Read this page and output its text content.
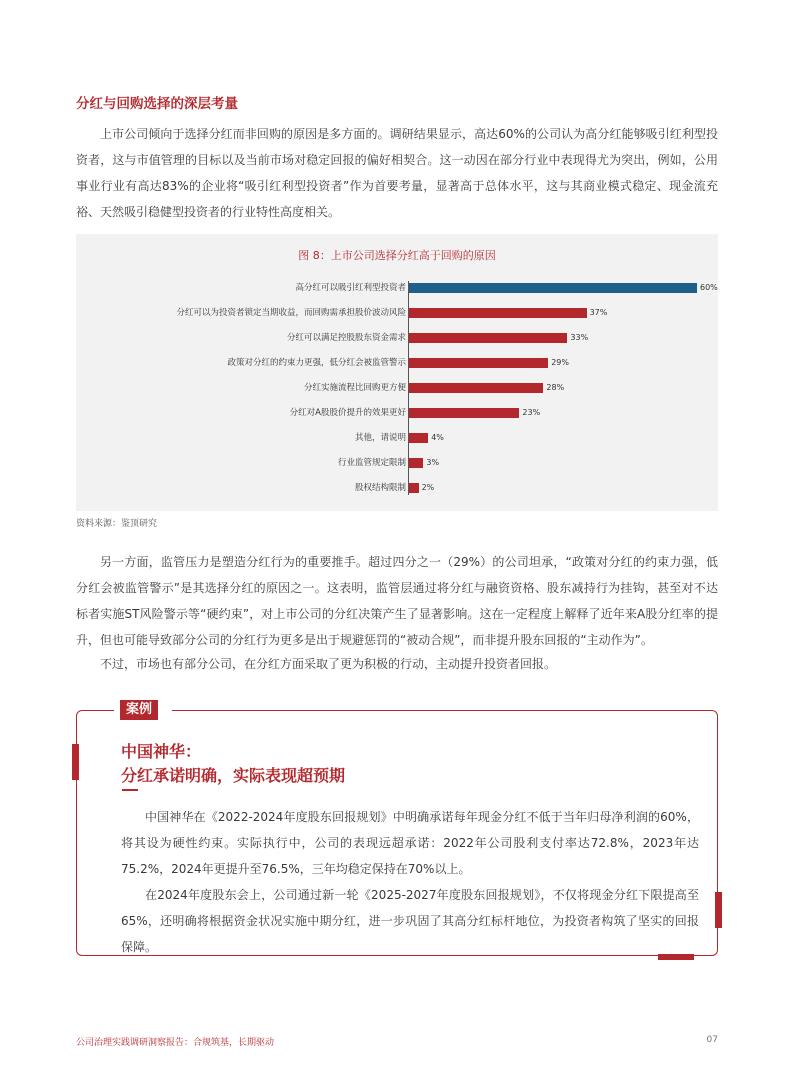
分红与回购选择的深层考量

上市公司倾向于选择分红而非回购的原因是多方面的。调研结果显示，高达60%的公司认为高分红能够吸引红利型投资者，这与市值管理的目标以及当前市场对稳定回报的偏好相契合。这一动因在部分行业中表现得尤为突出，例如，公用事业行业有高达83%的企业将“吸引红利型投资者”作为首要考量，显著高于总体水平，这与其商业模式稳定、现金流充裕、天然吸引稳健型投资者的行业特性高度相关。

图 8：上市公司选择分红高于回购的原因
高分红可以吸引红利型投资者	60%
分红可以为投资者锁定当期收益，而回购需承担股价波动风险	37%
分红可以满足控股股东资金需求	33%
政策对分红的约束力更强，低分红会被监管警示	29%
分红实施流程比回购更方便	28%
分红对A股股价提升的效果更好	23%
其他，请说明	4%
行业监管规定限制	3%
股权结构限制 2%
资料来源：鉴顶研究

另一方面，监管压力是塑造分红行为的重要推手。超过四分之一（29%）的公司坦承，“政策对分红的约束力强，低分红会被监管警示”是其选择分红的原因之一。这表明，监管层通过将分红与融资资格、股东减持行为挂钩，甚至对不达标者实施ST风险警示等“硬约束”，对上市公司的分红决策产生了显著影响。这在一定程度上解释了近年来A股分红率的提升，但也可能导致部分公司的分红行为更多是出于规避惩罚的“被动合规”，而非提升股东回报的“主动作为”。

不过，市场也有部分公司，在分红方面采取了更为积极的行动，主动提升投资者回报。

案例
中国神华：
分红承诺明确，实际表现超预期

中国神华在《2022-2024年度股东回报规划》中明确承诺每年现金分红不低于当年归母净利润的60%，将其设为硬性约束。实际执行中，公司的表现远超承诺：2022年公司股利支付率达72.8%，2023年达75.2%，2024年更提升至76.5%，三年均稳定保持在70%以上。

在2024年度股东会上，公司通过新一轮《2025-2027年度股东回报规划》，不仅将现金分红下限提高至65%，还明确将根据资金状况实施中期分红，进一步巩固了其高分红标杆地位，为投资者构筑了坚实的回报保障。

公司治理实践调研洞察报告：合规筑基，长期驱动	07
